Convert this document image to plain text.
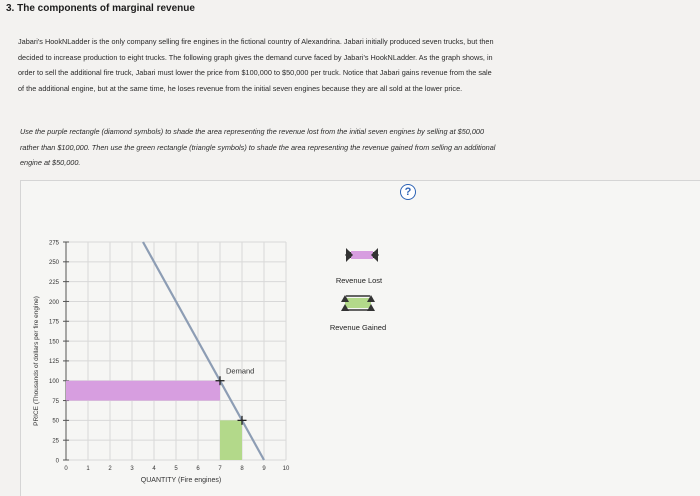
3. The components of marginal revenue
Jabari's HookNLadder is the only company selling fire engines in the fictional country of Alexandrina. Jabari initially produced seven trucks, but then
decided to increase production to eight trucks. The following graph gives the demand curve faced by Jabari's HookNLadder. As the graph shows, in
order to sell the additional fire truck, Jabari must lower the price from $100,000 to $50,000 per truck. Notice that Jabari gains revenue from the sale
of the additional engine, but at the same time, he loses revenue from the initial seven engines because they are all sold at the lower price.
Use the purple rectangle (diamond symbols) to shade the area representing the revenue lost from the initial seven engines by selling at $50,000
rather than $100,000. Then use the green rectangle (triangle symbols) to shade the area representing the revenue gained from selling an additional
engine at $50,000.
?
0
25
50
75
100
125
150
175
200
225
250
275
0	1	2	3	4	5	6	7	8	9	10
QUANTITY (Fire engines)
PRICE (Thousands of dollars per fire engine)	Demand
Revenue Lost
Revenue Gained
